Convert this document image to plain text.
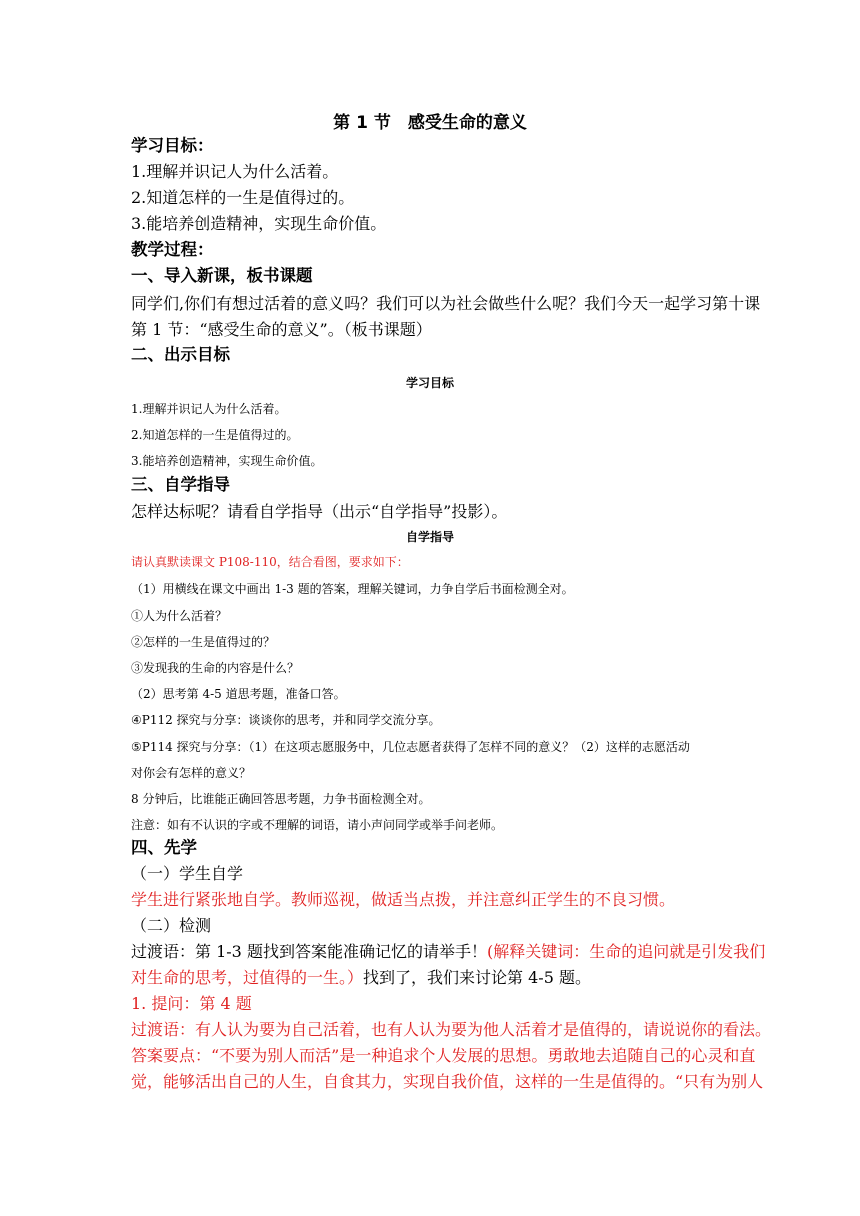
第 1 节　感受生命的意义
学习目标：
1.理解并识记人为什么活着。
2.知道怎样的一生是值得过的。
3.能培养创造精神，实现生命价值。
教学过程：
一、导入新课，板书课题
同学们,你们有想过活着的意义吗？我们可以为社会做些什么呢？我们今天一起学习第十课
第 1 节：“感受生命的意义”。（板书课题）
二、出示目标
学习目标
1.理解并识记人为什么活着。
2.知道怎样的一生是值得过的。
3.能培养创造精神，实现生命价值。
三、自学指导
怎样达标呢？请看自学指导（出示“自学指导”投影）。
自学指导
请认真默读课文 P108-110，结合看图，要求如下：
（1）用横线在课文中画出 1-3 题的答案，理解关键词，力争自学后书面检测全对。
①人为什么活着？
②怎样的一生是值得过的？
③发现我的生命的内容是什么？
（2）思考第 4-5 道思考题，准备口答。
④P112 探究与分享：谈谈你的思考，并和同学交流分享。
⑤P114 探究与分享：（1）在这项志愿服务中，几位志愿者获得了怎样不同的意义？（2）这样的志愿活动
对你会有怎样的意义？
8 分钟后，比谁能正确回答思考题，力争书面检测全对。
注意：如有不认识的字或不理解的词语，请小声问同学或举手问老师。
四、先学
（一）学生自学
学生进行紧张地自学。教师巡视，做适当点拨，并注意纠正学生的不良习惯。
（二）检测
过渡语：第 1-3 题找到答案能准确记忆的请举手！(解释关键词：生命的追问就是引发我们
对生命的思考，过值得的一生。）找到了，我们来讨论第 4-5 题。
1. 提问：第 4 题
过渡语：有人认为要为自己活着，也有人认为要为他人活着才是值得的，请说说你的看法。
答案要点：“不要为别人而活”是一种追求个人发展的思想。勇敢地去追随自己的心灵和直
觉，能够活出自己的人生，自食其力，实现自我价值，这样的一生是值得的。“只有为别人
